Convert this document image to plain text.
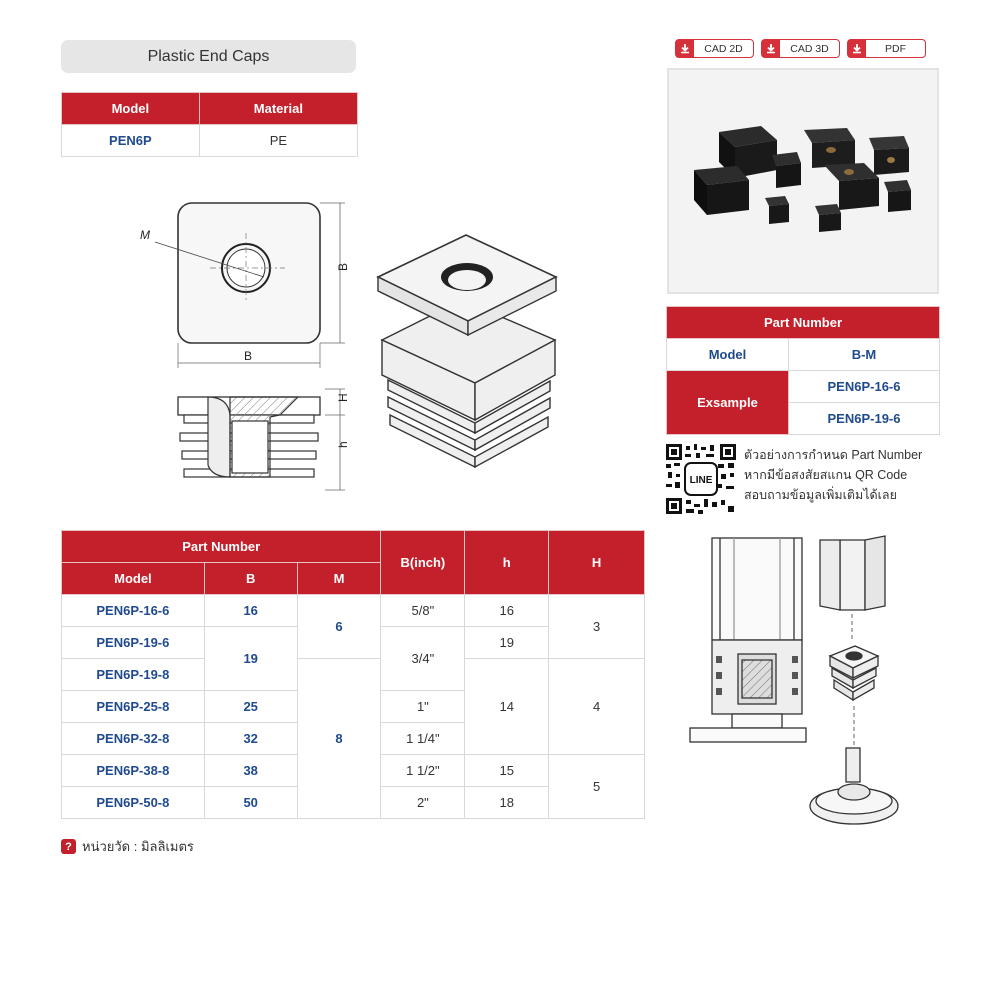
Plastic End Caps
Model	Material
PEN6P	PE
CAD 2D	CAD 3D	PDF
Part Number	
Model	B-M
Exsample	PEN6P-16-6
	PEN6P-19-6
LINE
ตัวอย่างการกำหนด Part Number
หากมีข้อสงสัยสแกน QR Code
สอบถามข้อมูลเพิ่มเติมได้เลย
M
B
B
H
h
Part Number			B(inch)	h	H
Model	B	M			
PEN6P-16-6	16	6	5/8"	16	3
PEN6P-19-6	19		3/4"	19	
PEN6P-19-8		8		14	4
PEN6P-25-8	25		1"		
PEN6P-32-8	32		1 1/4"		
PEN6P-38-8	38		1 1/2"	15	5
PEN6P-50-8	50		2"	18	
? หน่วยวัด : มิลลิเมตร
